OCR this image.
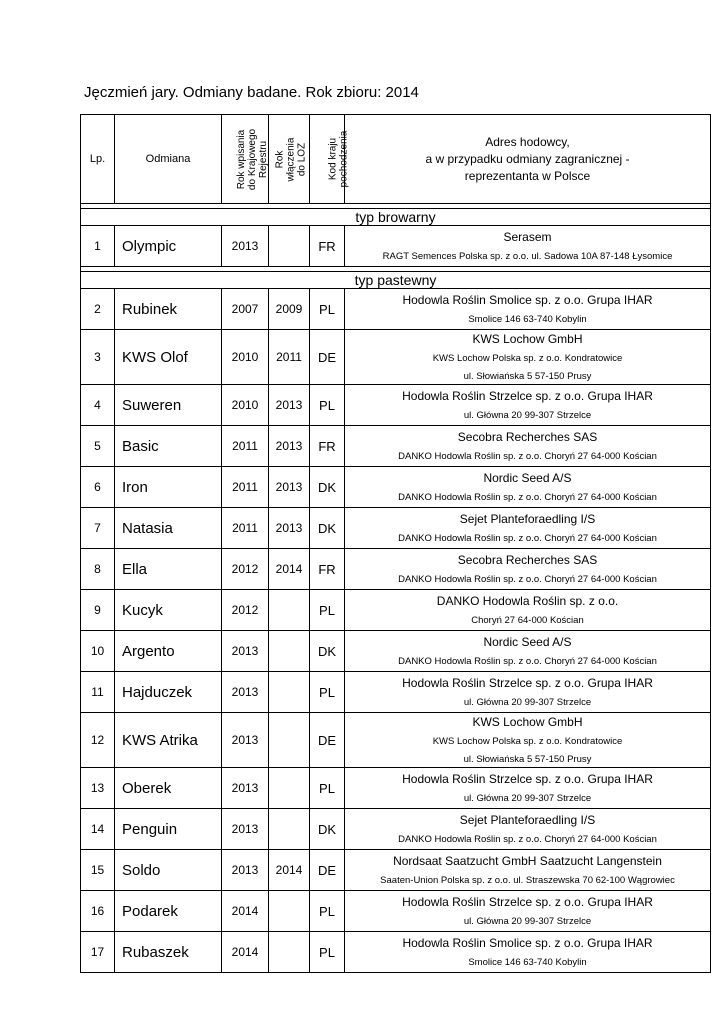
Jęczmień jary. Odmiany badane. Rok zbioru: 2014
Lp.	Odmiana	Rok wpisania
do Krajowego
Rejestru	Rok
włączenia
do LOZ	Kod kraju
pochodzenia	Adres hodowcy,
a w przypadku odmiany zagranicznej -
reprezentanta w Polsce

typ browarny					
1	Olympic	2013		FR	Serasem
RAGT Semences Polska sp. z o.o. ul. Sadowa 10A 87-148 Łysomice

typ pastewny					
2	Rubinek	2007	2009	PL	Hodowla Roślin Smolice sp. z o.o. Grupa IHAR
Smolice 146 63-740 Kobylin
3	KWS Olof	2010	2011	DE	KWS Lochow GmbH
KWS Lochow Polska sp. z o.o. Kondratowice
ul. Słowiańska 5 57-150 Prusy
4	Suweren	2010	2013	PL	Hodowla Roślin Strzelce sp. z o.o. Grupa IHAR
ul. Główna 20 99-307 Strzelce
5	Basic	2011	2013	FR	Secobra Recherches SAS
DANKO Hodowla Roślin sp. z o.o. Choryń 27 64-000 Kościan
6	Iron	2011	2013	DK	Nordic Seed A/S
DANKO Hodowla Roślin sp. z o.o. Choryń 27 64-000 Kościan
7	Natasia	2011	2013	DK	Sejet Planteforaedling I/S
DANKO Hodowla Roślin sp. z o.o. Choryń 27 64-000 Kościan
8	Ella	2012	2014	FR	Secobra Recherches SAS
DANKO Hodowla Roślin sp. z o.o. Choryń 27 64-000 Kościan
9	Kucyk	2012		PL	DANKO Hodowla Roślin sp. z o.o.
Choryń 27 64-000 Kościan
10	Argento	2013		DK	Nordic Seed A/S
DANKO Hodowla Roślin sp. z o.o. Choryń 27 64-000 Kościan
11	Hajduczek	2013		PL	Hodowla Roślin Strzelce sp. z o.o. Grupa IHAR
ul. Główna 20 99-307 Strzelce
12	KWS Atrika	2013		DE	KWS Lochow GmbH
KWS Lochow Polska sp. z o.o. Kondratowice
ul. Słowiańska 5 57-150 Prusy
13	Oberek	2013		PL	Hodowla Roślin Strzelce sp. z o.o. Grupa IHAR
ul. Główna 20 99-307 Strzelce
14	Penguin	2013		DK	Sejet Planteforaedling I/S
DANKO Hodowla Roślin sp. z o.o. Choryń 27 64-000 Kościan
15	Soldo	2013	2014	DE	Nordsaat Saatzucht GmbH Saatzucht Langenstein
Saaten-Union Polska sp. z o.o. ul. Straszewska 70 62-100 Wągrowiec
16	Podarek	2014		PL	Hodowla Roślin Strzelce sp. z o.o. Grupa IHAR
ul. Główna 20 99-307 Strzelce
17	Rubaszek	2014		PL	Hodowla Roślin Smolice sp. z o.o. Grupa IHAR
Smolice 146 63-740 Kobylin
